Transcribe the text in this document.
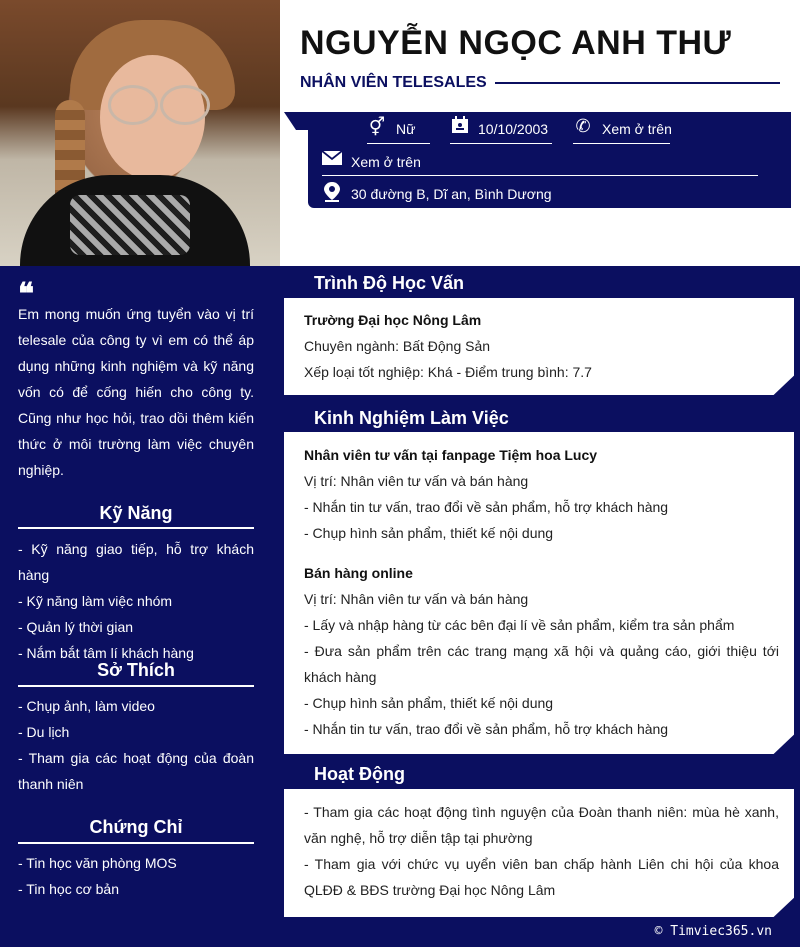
NGUYỄN NGỌC ANH THƯ
NHÂN VIÊN TELESALES
⚥ Nữ	10/10/2003 ✆ Xem ở trên
Xem ở trên
30 đường B, Dĩ an, Bình Dương
❝
Em mong muốn ứng tuyển vào vị trí telesale của công ty vì em có thể áp dụng những kinh nghiệm và kỹ năng vốn có để cống hiến cho công ty. Cũng như học hỏi, trao dồi thêm kiến thức ở môi trường làm việc chuyên nghiệp.
Kỹ Năng
- Kỹ năng giao tiếp, hỗ trợ khách hàng
- Kỹ năng làm việc nhóm
- Quản lý thời gian
- Nắm bắt tâm lí khách hàng
Sở Thích
- Chụp ảnh, làm video
- Du lịch
- Tham gia các hoạt động của đoàn thanh niên
Chứng Chỉ
- Tin học văn phòng MOS
- Tin học cơ bản
Trình Độ Học Vấn

Trường Đại học Nông Lâm

Chuyên ngành: Bất Động Sản

Xếp loại tốt nghiệp: Khá - Điểm trung bình: 7.7

Kinh Nghiệm Làm Việc

Nhân viên tư vấn tại fanpage Tiệm hoa Lucy

Vị trí: Nhân viên tư vấn và bán hàng

- Nhắn tin tư vấn, trao đổi về sản phẩm, hỗ trợ khách hàng

- Chụp hình sản phẩm, thiết kế nội dung

Bán hàng online

Vị trí: Nhân viên tư vấn và bán hàng

- Lấy và nhập hàng từ các bên đại lí về sản phẩm, kiểm tra sản phẩm

- Đưa sản phẩm trên các trang mạng xã hội và quảng cáo, giới thiệu tới khách hàng

- Chụp hình sản phẩm, thiết kế nội dung

- Nhắn tin tư vấn, trao đổi về sản phẩm, hỗ trợ khách hàng

Hoạt Động

- Tham gia các hoạt động tình nguyện của Đoàn thanh niên: mùa hè xanh, văn nghệ, hỗ trợ diễn tập tại phường

- Tham gia với chức vụ uyển viên ban chấp hành Liên chi hội của khoa QLĐĐ & BĐS trường Đại học Nông Lâm

© Timviec365.vn
